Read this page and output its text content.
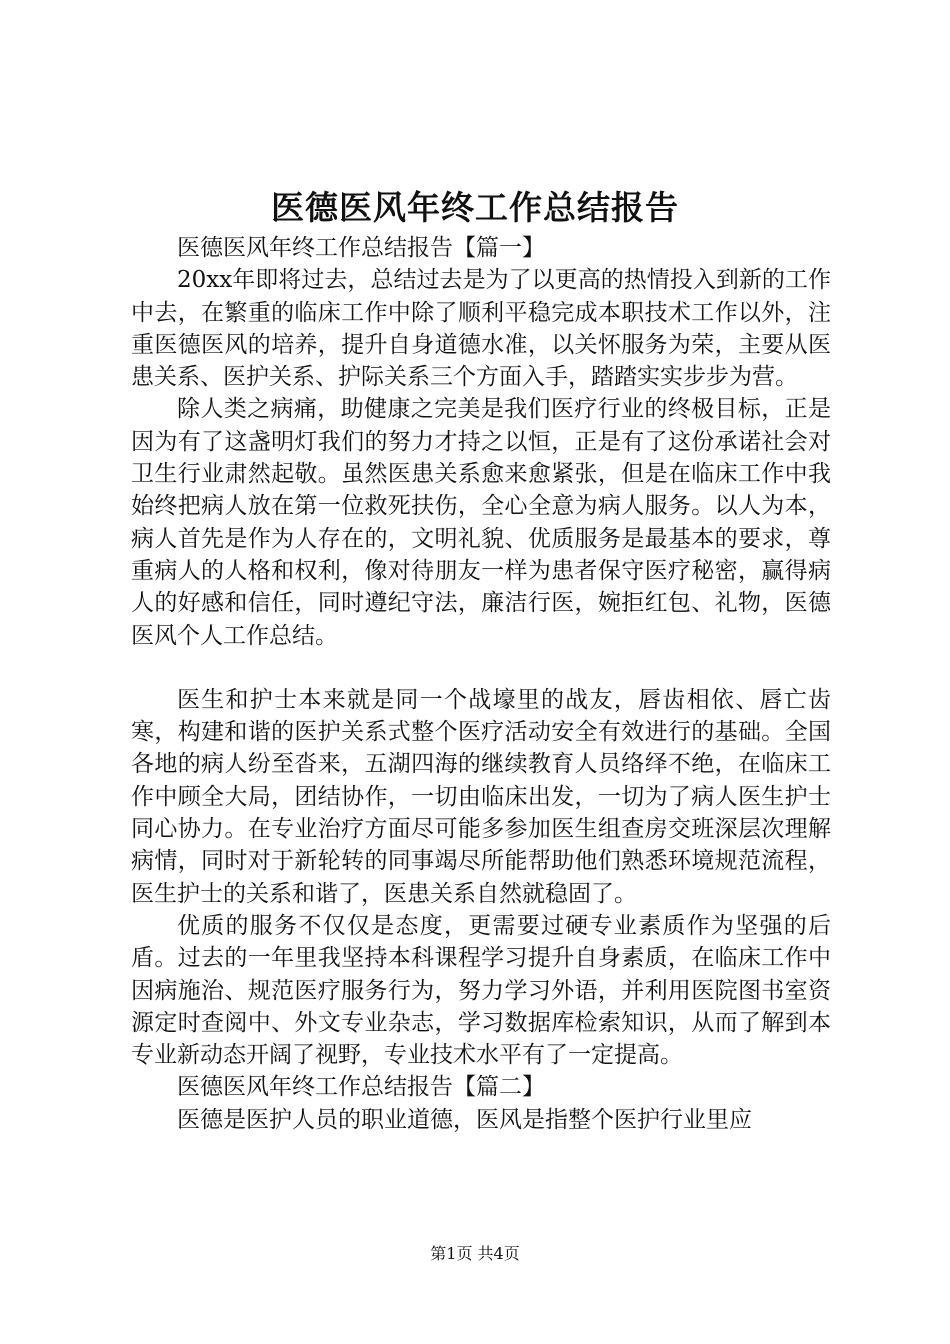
医德医风年终工作总结报告

医德医风年终工作总结报告【篇一】

20xx年即将过去，总结过去是为了以更高的热情投入到新的工作中去，在繁重的临床工作中除了顺利平稳完成本职技术工作以外，注重医德医风的培养，提升自身道德水准，以关怀服务为荣，主要从医患关系、医护关系、护际关系三个方面入手，踏踏实实步步为营。

除人类之病痛，助健康之完美是我们医疗行业的终极目标，正是因为有了这盏明灯我们的努力才持之以恒，正是有了这份承诺社会对卫生行业肃然起敬。虽然医患关系愈来愈紧张，但是在临床工作中我始终把病人放在第一位救死扶伤，全心全意为病人服务。以人为本，病人首先是作为人存在的，文明礼貌、优质服务是最基本的要求，尊重病人的人格和权利，像对待朋友一样为患者保守医疗秘密，赢得病人的好感和信任，同时遵纪守法，廉洁行医，婉拒红包、礼物，医德医风个人工作总结。

医生和护士本来就是同一个战壕里的战友，唇齿相依、唇亡齿寒，构建和谐的医护关系式整个医疗活动安全有效进行的基础。全国各地的病人纷至沓来，五湖四海的继续教育人员络绎不绝，在临床工作中顾全大局，团结协作，一切由临床出发，一切为了病人医生护士同心协力。在专业治疗方面尽可能多参加医生组查房交班深层次理解病情，同时对于新轮转的同事竭尽所能帮助他们熟悉环境规范流程，医生护士的关系和谐了，医患关系自然就稳固了。

优质的服务不仅仅是态度，更需要过硬专业素质作为坚强的后盾。过去的一年里我坚持本科课程学习提升自身素质，在临床工作中因病施治、规范医疗服务行为，努力学习外语，并利用医院图书室资源定时查阅中、外文专业杂志，学习数据库检索知识，从而了解到本专业新动态开阔了视野，专业技术水平有了一定提高。

医德医风年终工作总结报告【篇二】

医德是医护人员的职业道德，医风是指整个医护行业里应

第1页 共4页
